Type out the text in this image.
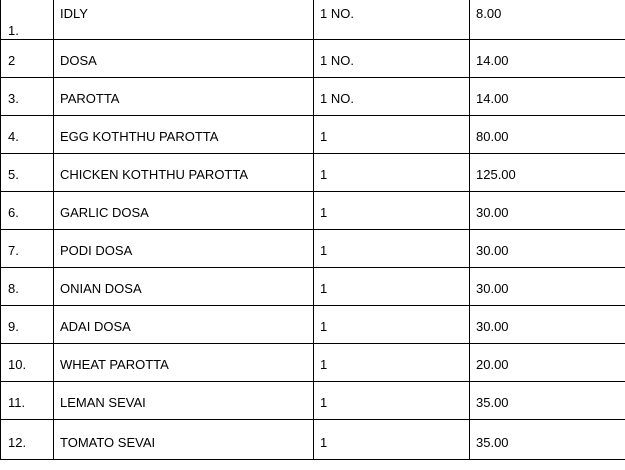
1.	IDLY	1 NO.	8.00
2	DOSA	1 NO.	14.00
3.	PAROTTA	1 NO.	14.00
4.	EGG KOTHTHU PAROTTA	1	80.00
5.	CHICKEN KOTHTHU PAROTTA	1	125.00
6.	GARLIC DOSA	1	30.00
7.	PODI DOSA	1	30.00
8.	ONIAN DOSA	1	30.00
9.	ADAI DOSA	1	30.00
10.	WHEAT PAROTTA	1	20.00
11.	LEMAN SEVAI	1	35.00
12.	TOMATO SEVAI	1	35.00
